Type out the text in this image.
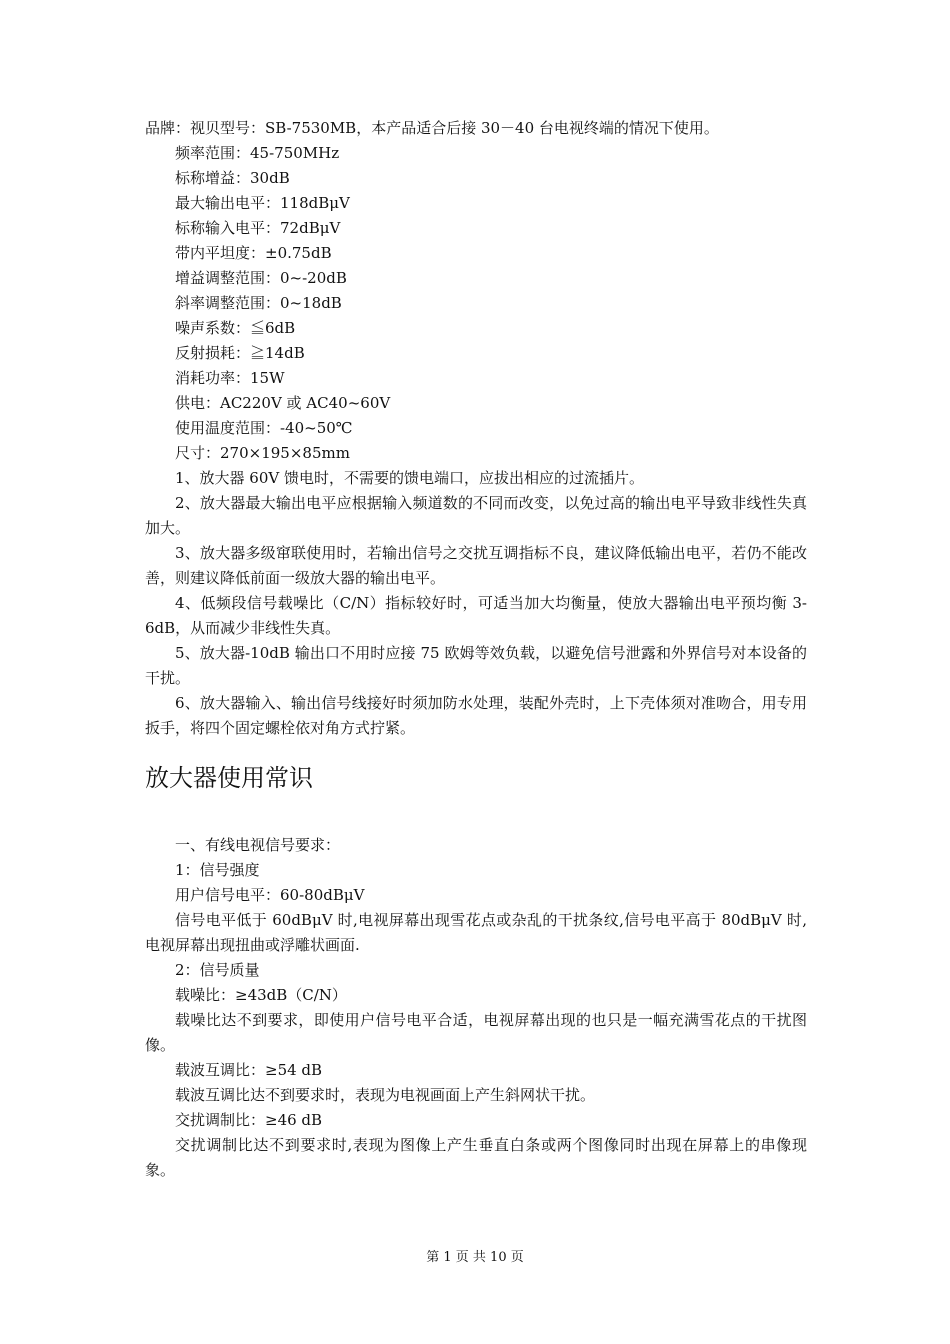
品牌：视贝型号：SB-7530MB，本产品适合后接 30－40 台电视终端的情况下使用。

频率范围：45-750MHz

标称增益：30dB

最大输出电平：118dBμV

标称输入电平：72dBμV

带内平坦度：±0.75dB

增益调整范围：0~-20dB

斜率调整范围：0~18dB

噪声系数：≦6dB

反射损耗：≧14dB

消耗功率：15W

供电：AC220V 或 AC40~60V

使用温度范围：-40~50℃

尺寸：270×195×85mm

1、放大器 60V 馈电时，不需要的馈电端口，应拔出相应的过流插片。

2、放大器最大输出电平应根据输入频道数的不同而改变，以免过高的输出电平导致非线性失真加大。

3、放大器多级窜联使用时，若输出信号之交扰互调指标不良，建议降低输出电平，若仍不能改善，则建议降低前面一级放大器的输出电平。

4、低频段信号载噪比（C/N）指标较好时，可适当加大均衡量，使放大器输出电平预均衡 3-6dB，从而减少非线性失真。

5、放大器-10dB 输出口不用时应接 75 欧姆等效负载，以避免信号泄露和外界信号对本设备的干扰。

6、放大器输入、输出信号线接好时须加防水处理，装配外壳时，上下壳体须对准吻合，用专用扳手，将四个固定螺栓依对角方式拧紧。

放大器使用常识

一、有线电视信号要求：

1：信号强度

用户信号电平：60-80dBμV

信号电平低于 60dBμV 时,电视屏幕出现雪花点或杂乱的干扰条纹,信号电平高于 80dBμV 时,电视屏幕出现扭曲或浮雕状画面.

2：信号质量

载噪比：≥43dB（C/N）

载噪比达不到要求，即使用户信号电平合适，电视屏幕出现的也只是一幅充满雪花点的干扰图像。

载波互调比：≥54 dB

载波互调比达不到要求时，表现为电视画面上产生斜网状干扰。

交扰调制比：≥46 dB

交扰调制比达不到要求时,表现为图像上产生垂直白条或两个图像同时出现在屏幕上的串像现象。

第 1 页 共 10 页
